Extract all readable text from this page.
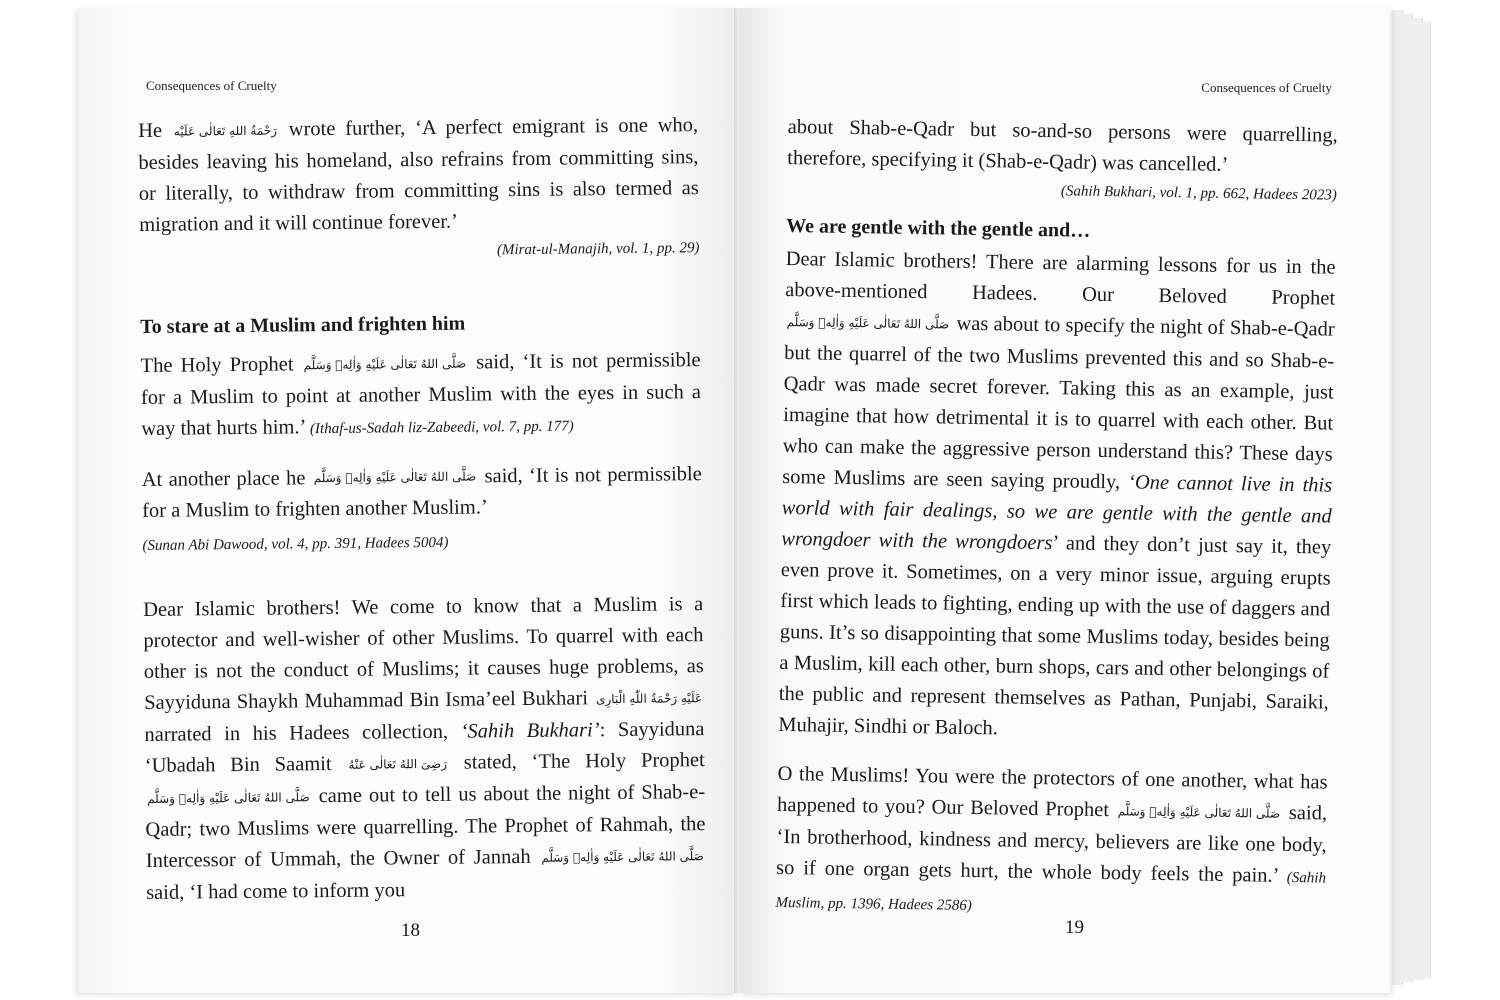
Consequences of Cruelty

He رَحْمَةُ اللهِ تَعَالٰی عَلَيْه wrote further, ‘A perfect emigrant is one who, besides leaving his homeland, also refrains from committing sins, or literally, to withdraw from committing sins is also termed as migration and it will continue forever.’

(Mirat-ul-Manajih, vol. 1, pp. 29)
To stare at a Muslim and frighten him

The Holy Prophet صَلَّى اللهُ تَعَالٰى عَلَيْهِ وَاٰلِهٖ وَسَلَّم said, ‘It is not permissible for a Muslim to point at another Muslim with the eyes in such a way that hurts him.’ (Ithaf-us-Sadah liz-Zabeedi, vol. 7, pp. 177)

At another place he صَلَّى اللهُ تَعَالٰى عَلَيْهِ وَاٰلِهٖ وَسَلَّم said, ‘It is not permissible for a Muslim to frighten another Muslim.’

(Sunan Abi Dawood, vol. 4, pp. 391, Hadees 5004)

Dear Islamic brothers! We come to know that a Muslim is a protector and well-wisher of other Muslims. To quarrel with each other is not the conduct of Muslims; it causes huge problems, as Sayyiduna Shaykh Muhammad Bin Isma’eel Bukhari عَلَيْهِ رَحْمَةُ اللّٰهِ الْبَارِی narrated in his Hadees collection, ‘Sahih Bukhari’: Sayyiduna ‘Ubadah Bin Saamit رَضِیَ اللهُ تَعَالٰی عَنْهُ stated, ‘The Holy Prophet صَلَّى اللهُ تَعَالٰى عَلَيْهِ وَاٰلِهٖ وَسَلَّم came out to tell us about the night of Shab-e-Qadr; two Muslims were quarrelling. The Prophet of Rahmah, the Intercessor of Ummah, the Owner of Jannah صَلَّى اللهُ تَعَالٰى عَلَيْهِ وَاٰلِهٖ وَسَلَّم said, ‘I had come to inform you

18
Consequences of Cruelty

about Shab-e-Qadr but so-and-so persons were quarrelling, therefore, specifying it (Shab-e-Qadr) was cancelled.’

(Sahih Bukhari, vol. 1, pp. 662, Hadees 2023)
We are gentle with the gentle and…

Dear Islamic brothers! There are alarming lessons for us in the above-mentioned Hadees. Our Beloved Prophet صَلَّى اللهُ تَعَالٰى عَلَيْهِ وَاٰلِهٖ وَسَلَّم was about to specify the night of Shab-e-Qadr but the quarrel of the two Muslims prevented this and so Shab-e-Qadr was made secret forever. Taking this as an example, just imagine that how detrimental it is to quarrel with each other. But who can make the aggressive person understand this? These days some Muslims are seen saying proudly, ‘One cannot live in this world with fair dealings, so we are gentle with the gentle and wrongdoer with the wrongdoers’ and they don’t just say it, they even prove it. Sometimes, on a very minor issue, arguing erupts first which leads to fighting, ending up with the use of daggers and guns. It’s so disappointing that some Muslims today, besides being a Muslim, kill each other, burn shops, cars and other belongings of the public and represent themselves as Pathan, Punjabi, Saraiki, Muhajir, Sindhi or Baloch.

O the Muslims! You were the protectors of one another, what has happened to you? Our Beloved Prophet صَلَّى اللهُ تَعَالٰى عَلَيْهِ وَاٰلِهٖ وَسَلَّم said, ‘In brotherhood, kindness and mercy, believers are like one body, so if one organ gets hurt, the whole body feels the pain.’ (Sahih Muslim, pp. 1396, Hadees 2586)

19
